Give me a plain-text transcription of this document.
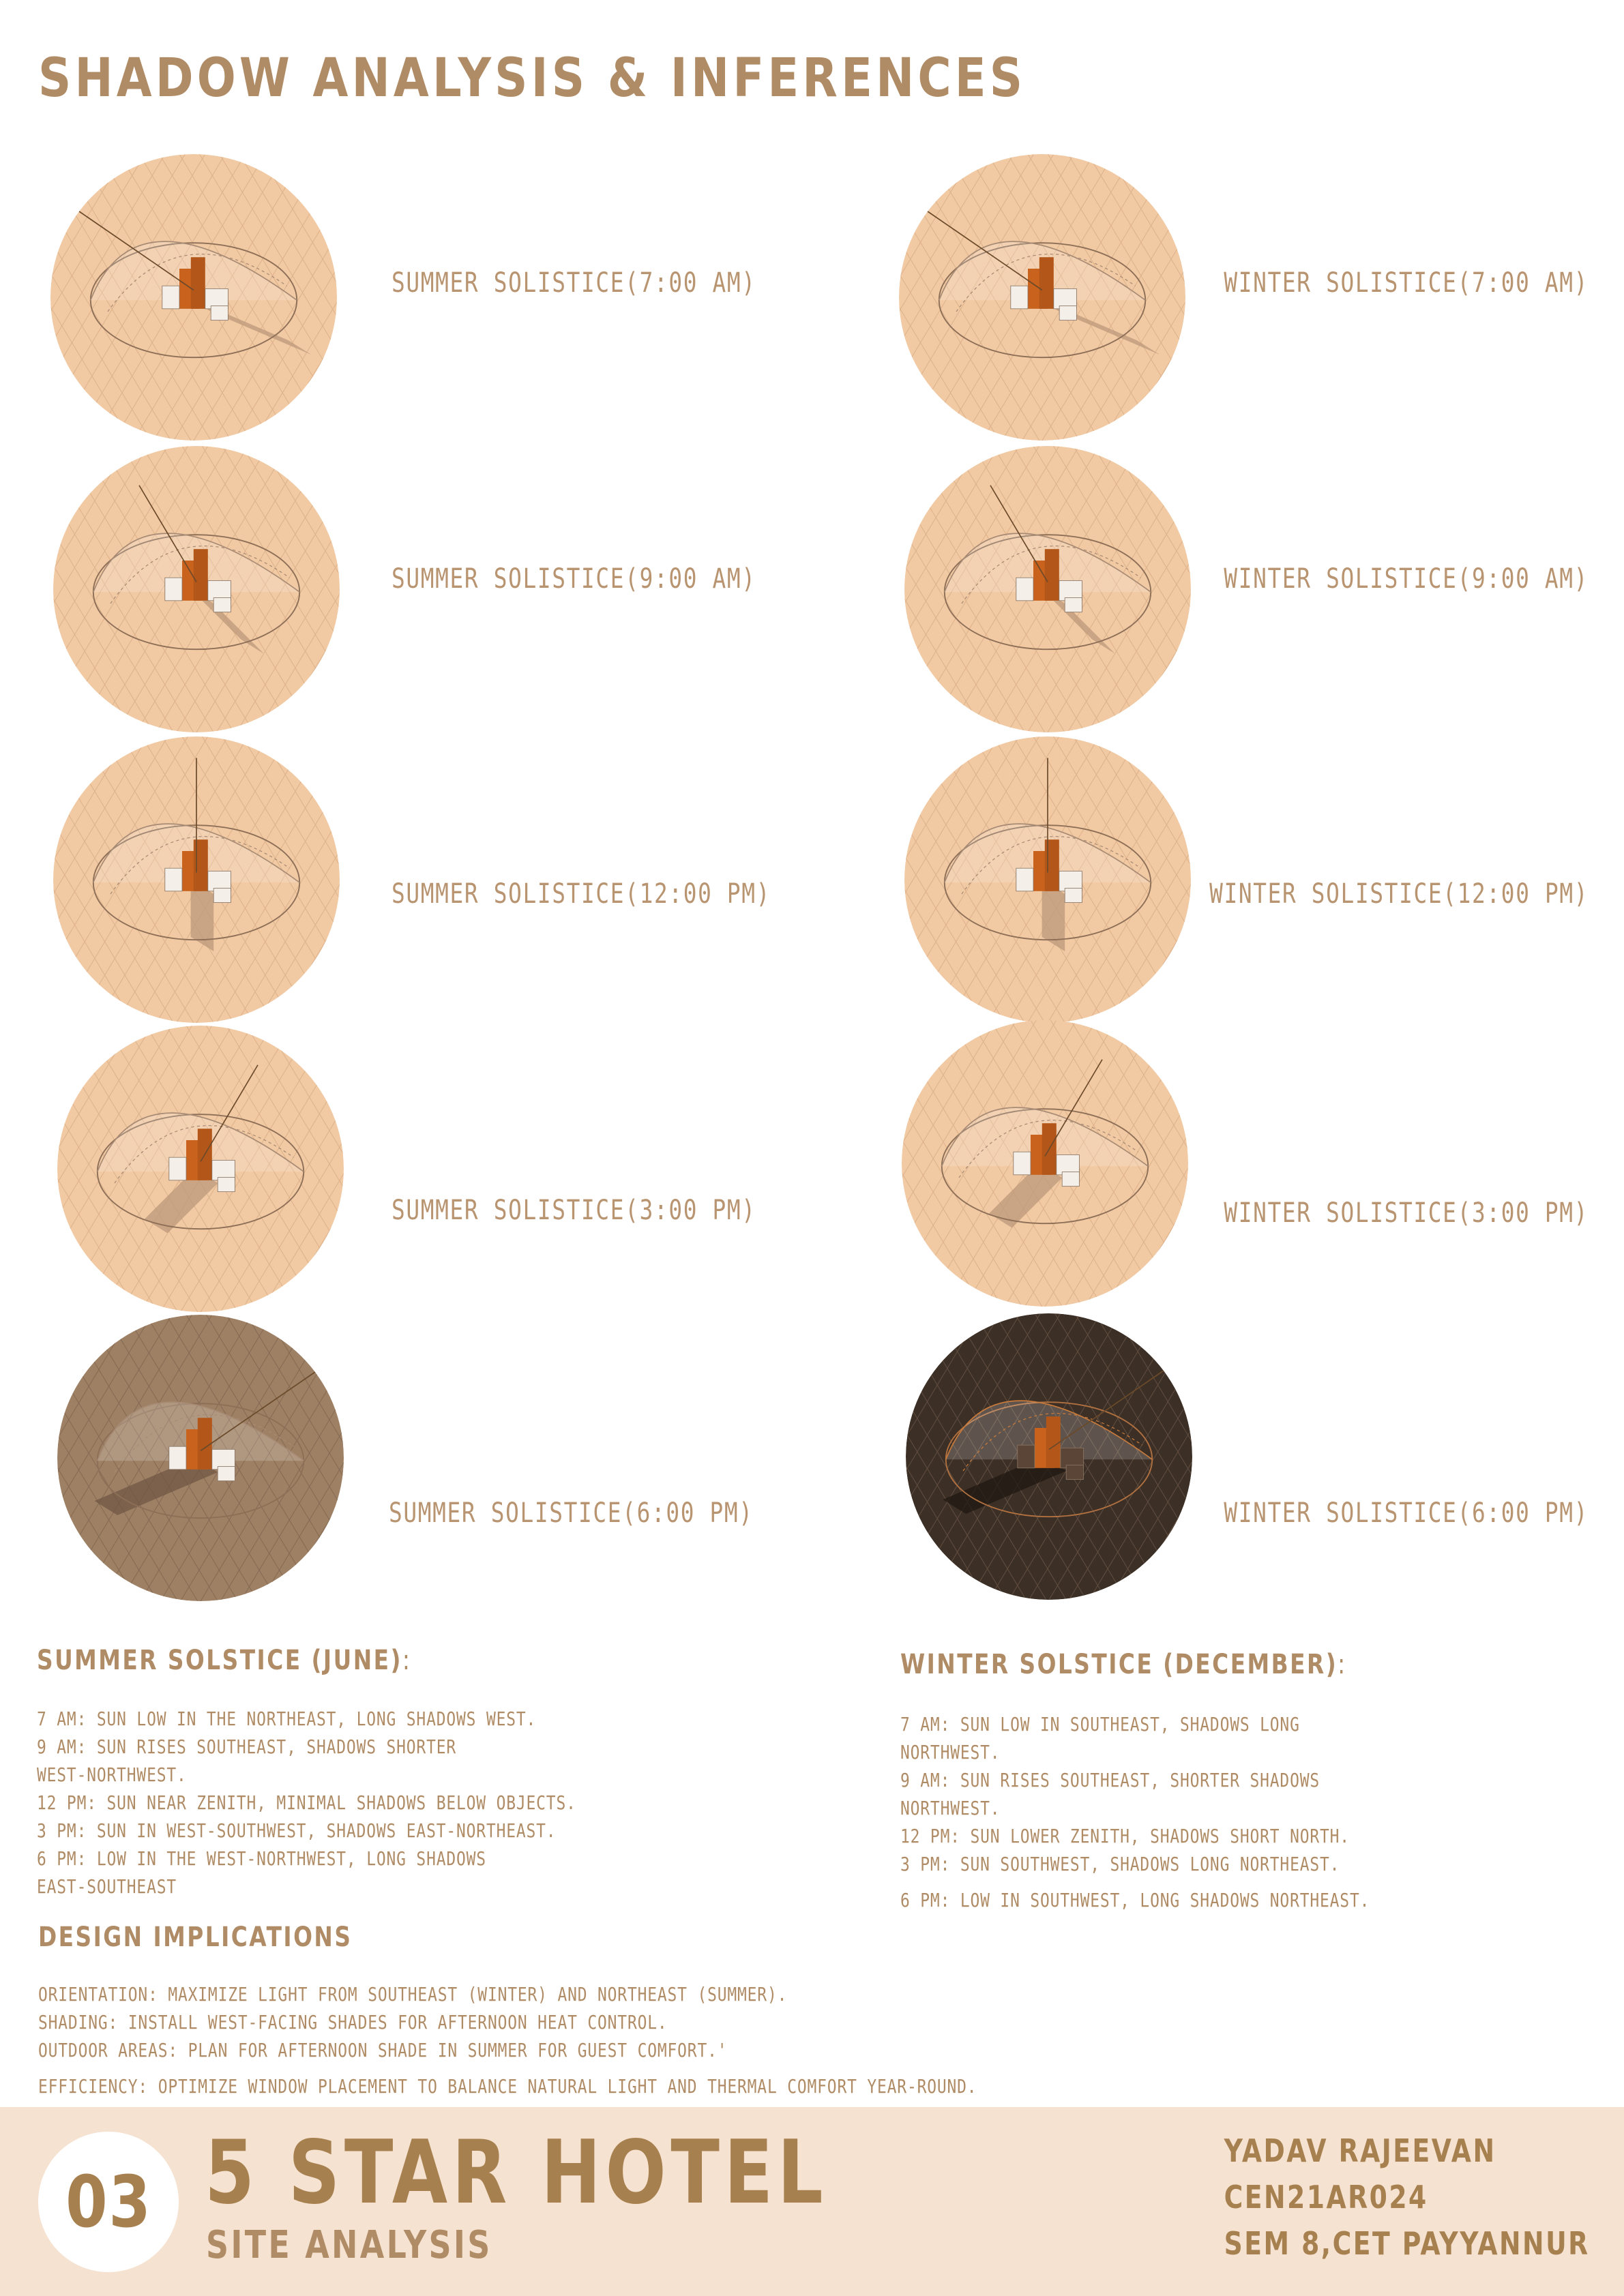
SHADOW ANALYSIS & INFERENCES
SUMMER SOLISTICE(7:00 AM)
SUMMER SOLISTICE(9:00 AM)
SUMMER SOLISTICE(12:00 PM)
SUMMER SOLISTICE(3:00 PM)
SUMMER SOLISTICE(6:00 PM)
WINTER SOLISTICE(7:00 AM)
WINTER SOLISTICE(9:00 AM)
WINTER SOLISTICE(12:00 PM)
WINTER SOLISTICE(3:00 PM)
WINTER SOLISTICE(6:00 PM)
SUMMER SOLSTICE (JUNE):
7 AM: SUN LOW IN THE NORTHEAST, LONG SHADOWS WEST.
9 AM: SUN RISES SOUTHEAST, SHADOWS SHORTER
WEST-NORTHWEST.
12 PM: SUN NEAR ZENITH, MINIMAL SHADOWS BELOW OBJECTS.
3 PM: SUN IN WEST-SOUTHWEST, SHADOWS EAST-NORTHEAST.
6 PM: LOW IN THE WEST-NORTHWEST, LONG SHADOWS
EAST-SOUTHEAST
WINTER SOLSTICE (DECEMBER):
7 AM: SUN LOW IN SOUTHEAST, SHADOWS LONG
NORTHWEST.
9 AM: SUN RISES SOUTHEAST, SHORTER SHADOWS
NORTHWEST.
12 PM: SUN LOWER ZENITH, SHADOWS SHORT NORTH.
3 PM: SUN SOUTHWEST, SHADOWS LONG NORTHEAST.
6 PM: LOW IN SOUTHWEST, LONG SHADOWS NORTHEAST.
DESIGN IMPLICATIONS
ORIENTATION: MAXIMIZE LIGHT FROM SOUTHEAST (WINTER) AND NORTHEAST (SUMMER).
SHADING: INSTALL WEST-FACING SHADES FOR AFTERNOON HEAT CONTROL.
OUTDOOR AREAS: PLAN FOR AFTERNOON SHADE IN SUMMER FOR GUEST COMFORT.'
EFFICIENCY: OPTIMIZE WINDOW PLACEMENT TO BALANCE NATURAL LIGHT AND THERMAL COMFORT YEAR-ROUND.
03 5 STAR HOTEL
SITE ANALYSIS
YADAV RAJEEVAN
CEN21AR024
SEM 8,CET PAYYANNUR
